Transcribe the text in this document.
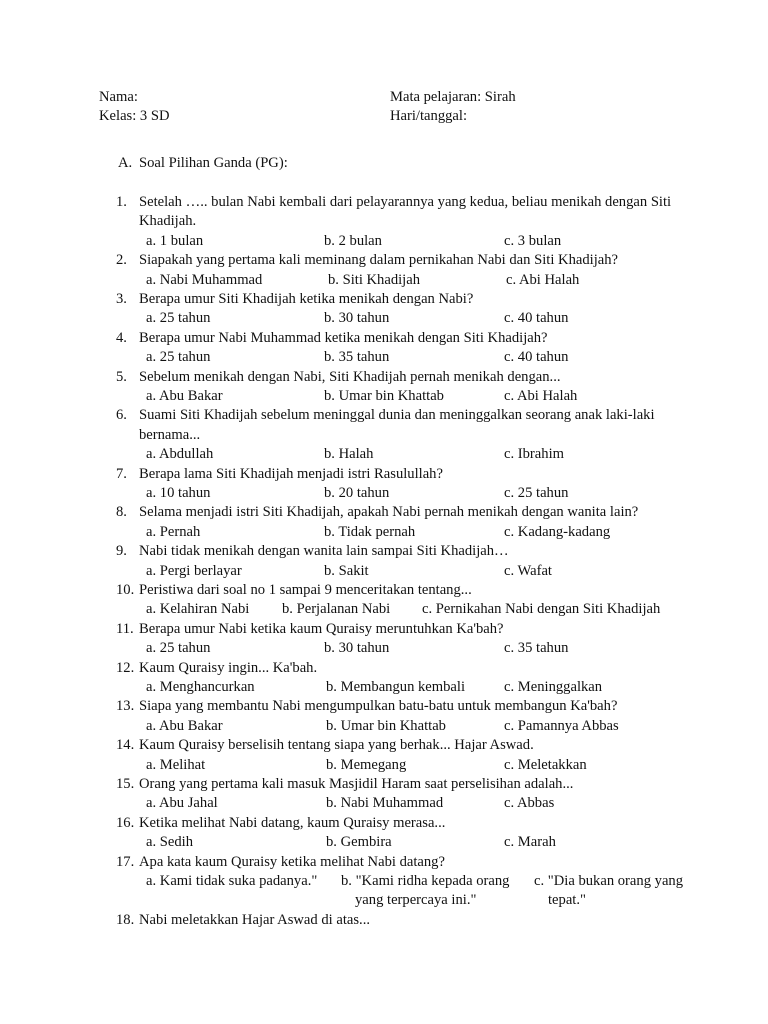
Nama:	Mata pelajaran: Sirah
Kelas: 3 SD	Hari/tanggal:
A. Soal Pilihan Ganda (PG):
1. Setelah ….. bulan Nabi kembali dari pelayarannya yang kedua, beliau menikah dengan Siti Khadijah.
a. 1 bulan	b. 2 bulan	c. 3 bulan
2. Siapakah yang pertama kali meminang dalam pernikahan Nabi dan Siti Khadijah?
a. Nabi Muhammad	b. Siti Khadijah	c. Abi Halah
3. Berapa umur Siti Khadijah ketika menikah dengan Nabi?
a. 25 tahun	b. 30 tahun	c. 40 tahun
4. Berapa umur Nabi Muhammad ketika menikah dengan Siti Khadijah?
a. 25 tahun	b. 35 tahun	c. 40 tahun
5. Sebelum menikah dengan Nabi, Siti Khadijah pernah menikah dengan...
a. Abu Bakar	b. Umar bin Khattab	c. Abi Halah
6. Suami Siti Khadijah sebelum meninggal dunia dan meninggalkan seorang anak laki-laki bernama...
a. Abdullah	b. Halah	c. Ibrahim
7. Berapa lama Siti Khadijah menjadi istri Rasulullah?
a. 10 tahun	b. 20 tahun	c. 25 tahun
8. Selama menjadi istri Siti Khadijah, apakah Nabi pernah menikah dengan wanita lain?
a. Pernah	b. Tidak pernah	c. Kadang-kadang
9. Nabi tidak menikah dengan wanita lain sampai Siti Khadijah…
a. Pergi berlayar	b. Sakit	c. Wafat
10. Peristiwa dari soal no 1 sampai 9 menceritakan tentang...
a. Kelahiran Nabi b. Perjalanan Nabi c. Pernikahan Nabi dengan Siti Khadijah
11. Berapa umur Nabi ketika kaum Quraisy meruntuhkan Ka'bah?
a. 25 tahun	b. 30 tahun	c. 35 tahun
12. Kaum Quraisy ingin... Ka'bah.
a. Menghancurkan	b. Membangun kembali	c. Meninggalkan
13. Siapa yang membantu Nabi mengumpulkan batu-batu untuk membangun Ka'bah?
a. Abu Bakar	b. Umar bin Khattab	c. Pamannya Abbas
14. Kaum Quraisy berselisih tentang siapa yang berhak... Hajar Aswad.
a. Melihat	b. Memegang	c. Meletakkan
15. Orang yang pertama kali masuk Masjidil Haram saat perselisihan adalah...
a. Abu Jahal	b. Nabi Muhammad	c. Abbas
16. Ketika melihat Nabi datang, kaum Quraisy merasa...
a. Sedih	b. Gembira	c. Marah
17. Apa kata kaum Quraisy ketika melihat Nabi datang?
a. Kami tidak suka padanya." b. "Kami ridha kepada orang yang terpercaya ini."
c. "Dia bukan orang yang tepat."
18. Nabi meletakkan Hajar Aswad di atas...
